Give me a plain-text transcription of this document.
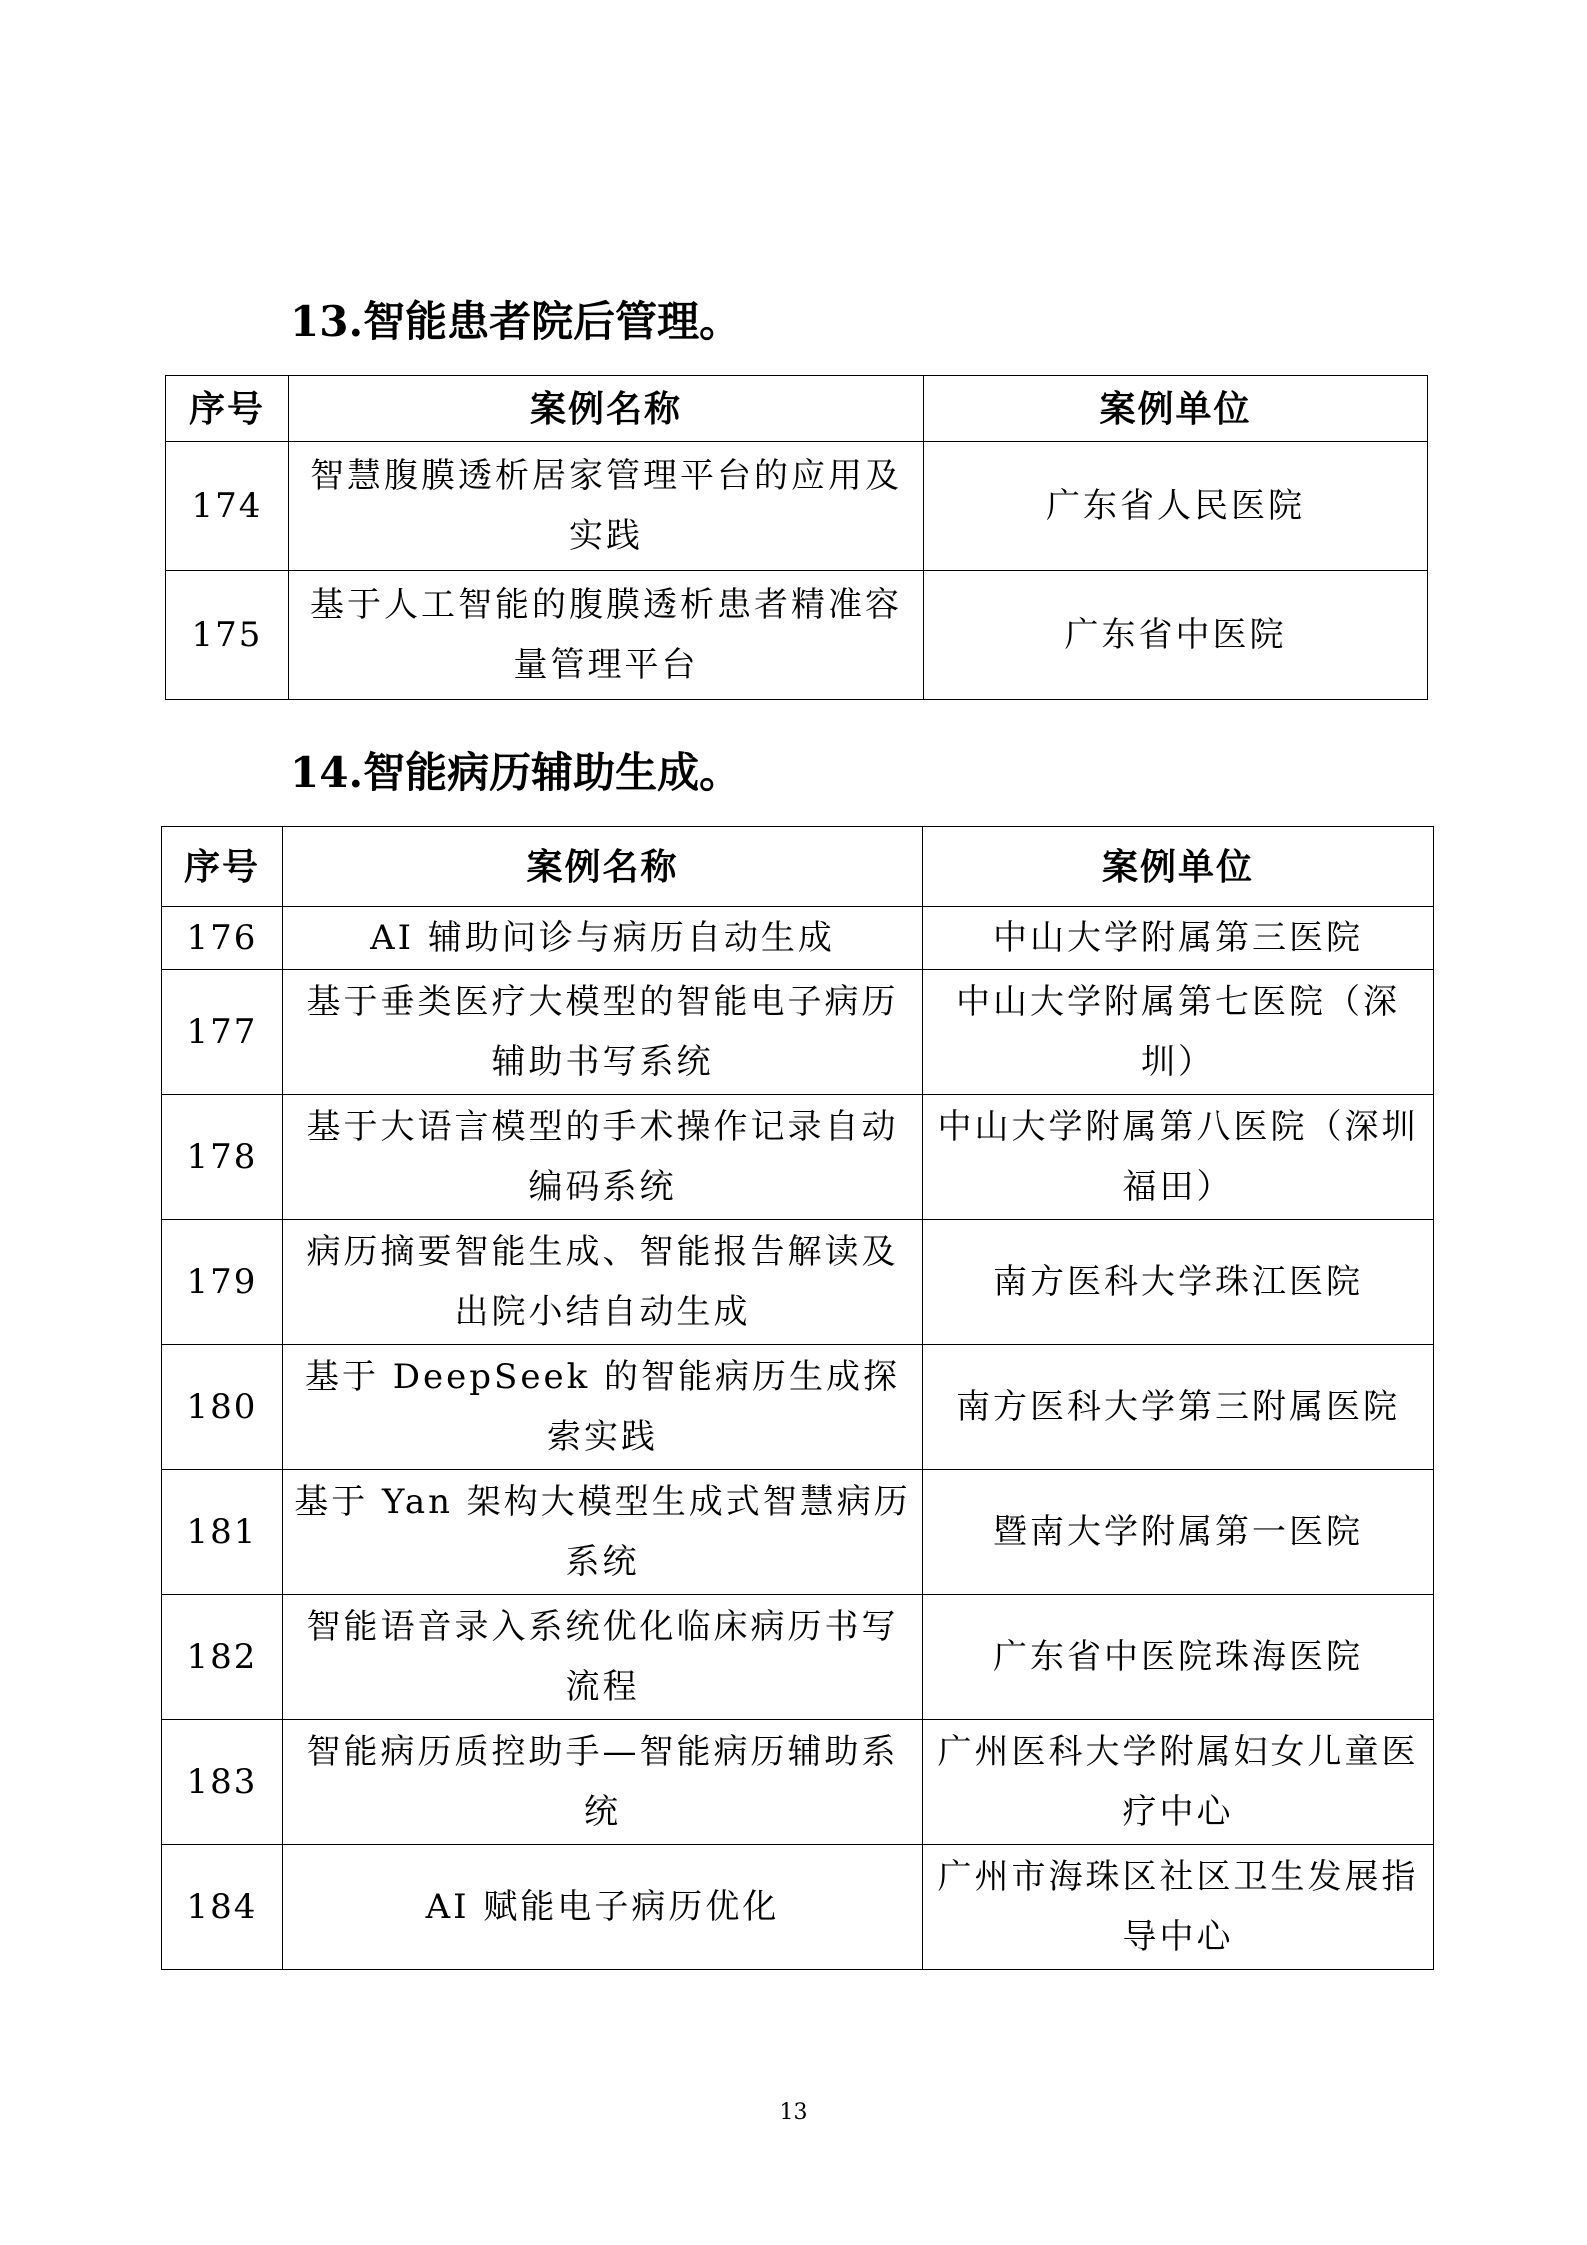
13.智能患者院后管理。
序号	案例名称	案例单位
174	智慧腹膜透析居家管理平台的应用及实践	广东省人民医院
175	基于人工智能的腹膜透析患者精准容量管理平台	广东省中医院
14.智能病历辅助生成。
序号	案例名称	案例单位
176	AI 辅助问诊与病历自动生成	中山大学附属第三医院
177	基于垂类医疗大模型的智能电子病历辅助书写系统	中山大学附属第七医院（深圳）
178	基于大语言模型的手术操作记录自动编码系统	中山大学附属第八医院（深圳福田）
179	病历摘要智能生成、智能报告解读及出院小结自动生成	南方医科大学珠江医院
180	基于 DeepSeek 的智能病历生成探索实践	南方医科大学第三附属医院
181	基于 Yan 架构大模型生成式智慧病历系统	暨南大学附属第一医院
182	智能语音录入系统优化临床病历书写流程	广东省中医院珠海医院
183	智能病历质控助手—智能病历辅助系统	广州医科大学附属妇女儿童医疗中心
184	AI 赋能电子病历优化	广州市海珠区社区卫生发展指导中心
13
